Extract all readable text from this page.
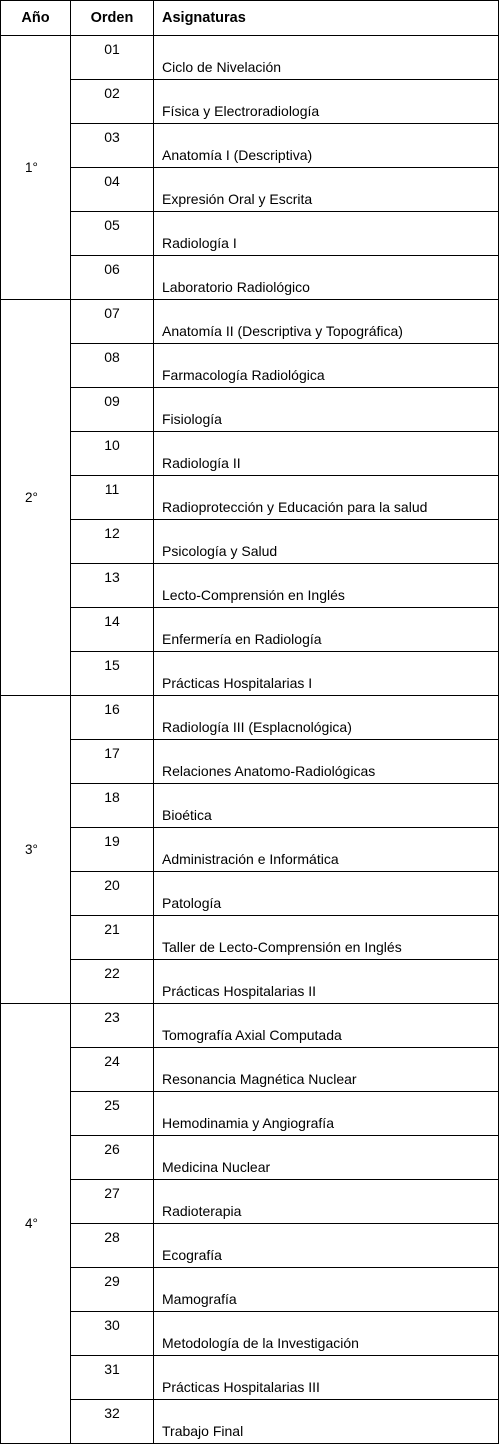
Año	Orden	Asignaturas
1°	01	Ciclo de Nivelación
	02	Física y Electroradiología
	03	Anatomía I (Descriptiva)
	04	Expresión Oral y Escrita
	05	Radiología I
	06	Laboratorio Radiológico
2°	07	Anatomía II (Descriptiva y Topográfica)
	08	Farmacología Radiológica
	09	Fisiología
	10	Radiología II
	11	Radioprotección y Educación para la salud
	12	Psicología y Salud
	13	Lecto-Comprensión en Inglés
	14	Enfermería en Radiología
	15	Prácticas Hospitalarias I
3°	16	Radiología III (Esplacnológica)
	17	Relaciones Anatomo-Radiológicas
	18	Bioética
	19	Administración e Informática
	20	Patología
	21	Taller de Lecto-Comprensión en Inglés
	22	Prácticas Hospitalarias II
4°	23	Tomografía Axial Computada
	24	Resonancia Magnética Nuclear
	25	Hemodinamia y Angiografía
	26	Medicina Nuclear
	27	Radioterapia
	28	Ecografía
	29	Mamografía
	30	Metodología de la Investigación
	31	Prácticas Hospitalarias III
	32	Trabajo Final
